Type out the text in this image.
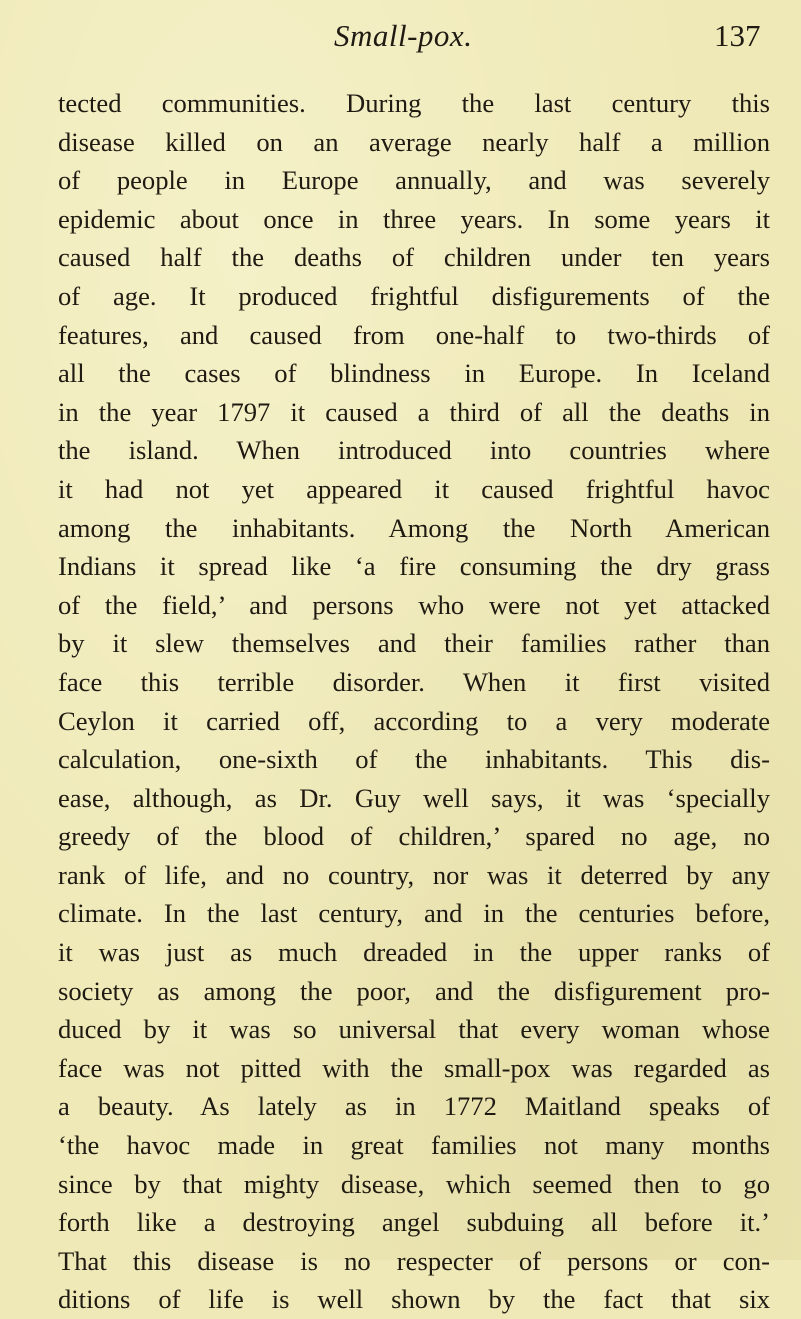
Small-pox.	137
tected communities. During the last century this
disease killed on an average nearly half a million
of people in Europe annually, and was severely
epidemic about once in three years. In some years it
caused half the deaths of children under ten years
of age. It produced frightful disfigurements of the
features, and caused from one-half to two-thirds of
all the cases of blindness in Europe. In Iceland
in the year 1797 it caused a third of all the deaths in
the island. When introduced into countries where
it had not yet appeared it caused frightful havoc
among the inhabitants. Among the North American
Indians it spread like ‘a fire consuming the dry grass
of the field,’ and persons who were not yet attacked
by it slew themselves and their families rather than
face this terrible disorder. When it first visited
Ceylon it carried off, according to a very moderate
calculation, one-sixth of the inhabitants. This dis-
ease, although, as Dr. Guy well says, it was ‘specially
greedy of the blood of children,’ spared no age, no
rank of life, and no country, nor was it deterred by any
climate. In the last century, and in the centuries before,
it was just as much dreaded in the upper ranks of
society as among the poor, and the disfigurement pro-
duced by it was so universal that every woman whose
face was not pitted with the small-pox was regarded as
a beauty. As lately as in 1772 Maitland speaks of
‘the havoc made in great families not many months
since by that mighty disease, which seemed then to go
forth like a destroying angel subduing all before it.’
That this disease is no respecter of persons or con-
ditions of life is well shown by the fact that six
